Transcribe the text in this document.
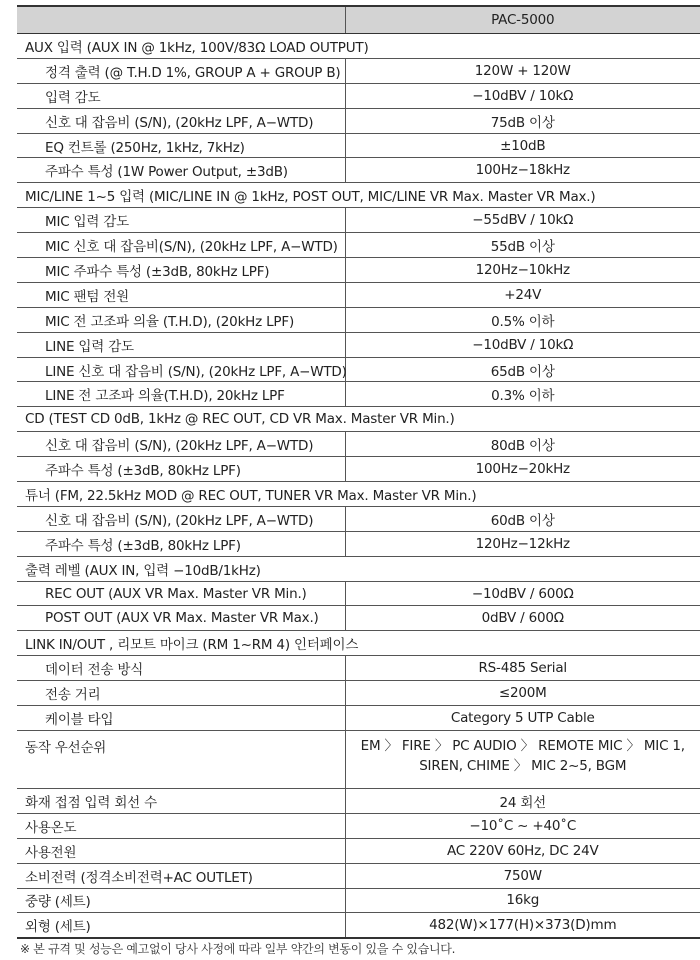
	PAC-5000
AUX 입력 (AUX IN @ 1kHz, 100V/83Ω LOAD OUTPUT)	
정격 출력 (@ T.H.D 1%, GROUP A + GROUP B)	120W + 120W
입력 감도	−10dBV / 10kΩ
신호 대 잡음비 (S/N), (20kHz LPF, A−WTD)	75dB 이상
EQ 컨트롤 (250Hz, 1kHz, 7kHz)	±10dB
주파수 특성 (1W Power Output, ±3dB)	100Hz−18kHz
MIC/LINE 1~5 입력 (MIC/LINE IN @ 1kHz, POST OUT, MIC/LINE VR Max. Master VR Max.)	
MIC 입력 감도	−55dBV / 10kΩ
MIC 신호 대 잡음비(S/N), (20kHz LPF, A−WTD)	55dB 이상
MIC 주파수 특성 (±3dB, 80kHz LPF)	120Hz−10kHz
MIC 팬텀 전원	+24V
MIC 전 고조파 의율 (T.H.D), (20kHz LPF)	0.5% 이하
LINE 입력 감도	−10dBV / 10kΩ
LINE 신호 대 잡음비 (S/N), (20kHz LPF, A−WTD)	65dB 이상
LINE 전 고조파 의율(T.H.D), 20kHz LPF	0.3% 이하
CD (TEST CD 0dB, 1kHz @ REC OUT, CD VR Max. Master VR Min.)	
신호 대 잡음비 (S/N), (20kHz LPF, A−WTD)	80dB 이상
주파수 특성 (±3dB, 80kHz LPF)	100Hz−20kHz
튜너 (FM, 22.5kHz MOD @ REC OUT, TUNER VR Max. Master VR Min.)	
신호 대 잡음비 (S/N), (20kHz LPF, A−WTD)	60dB 이상
주파수 특성 (±3dB, 80kHz LPF)	120Hz−12kHz
출력 레벨 (AUX IN, 입력 −10dB/1kHz)	
REC OUT (AUX VR Max. Master VR Min.)	−10dBV / 600Ω
POST OUT (AUX VR Max. Master VR Max.)	0dBV / 600Ω
LINK IN/OUT , 리모트 마이크 (RM 1~RM 4) 인터페이스	
데이터 전송 방식	RS-485 Serial
전송 거리	≤200M
케이블 타입	Category 5 UTP Cable
동작 우선순위	EM 〉 FIRE 〉 PC AUDIO 〉 REMOTE MIC 〉 MIC 1, SIREN, CHIME 〉 MIC 2~5, BGM
화재 접점 입력 회선 수	24 회선
사용온도	−10˚C ~ +40˚C
사용전원	AC 220V 60Hz, DC 24V
소비전력 (정격소비전력+AC OUTLET)	750W
중량 (세트)	16kg
외형 (세트)	482(W)×177(H)×373(D)mm
※ 본 규격 및 성능은 예고없이 당사 사정에 따라 일부 약간의 변동이 있을 수 있습니다.
